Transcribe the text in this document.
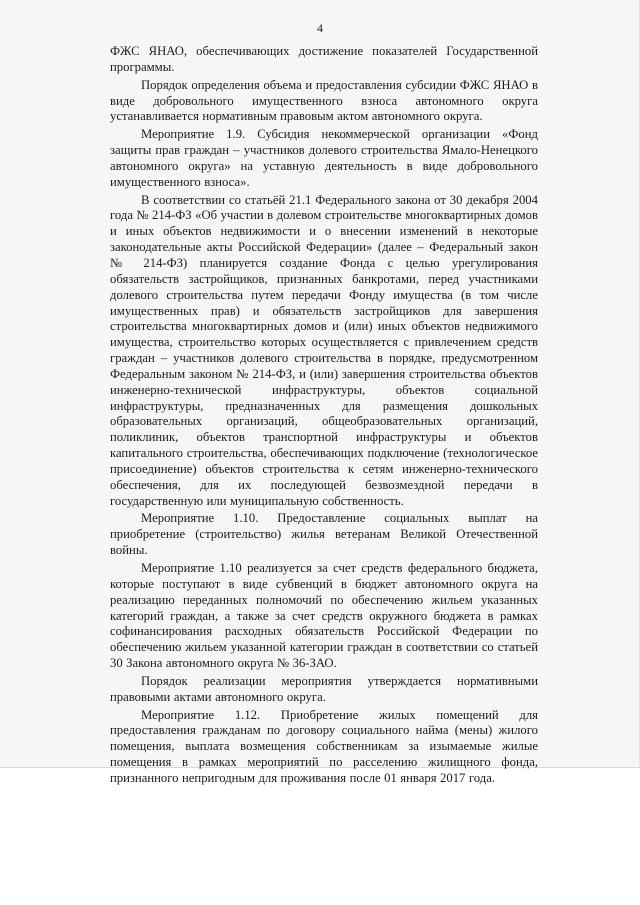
4

ФЖС ЯНАО, обеспечивающих достижение показателей Государственной программы.

Порядок определения объема и предоставления субсидии ФЖС ЯНАО в виде добровольного имущественного взноса автономного округа устанавливается нормативным правовым актом автономного округа.

Мероприятие 1.9. Субсидия некоммерческой организации «Фонд защиты прав граждан – участников долевого строительства Ямало-Ненецкого автономного округа» на уставную деятельность в виде добровольного имущественного взноса».

В соответствии со статьёй 21.1 Федерального закона от 30 декабря 2004 года № 214-ФЗ «Об участии в долевом строительстве многоквартирных домов и иных объектов недвижимости и о внесении изменений в некоторые законодательные акты Российской Федерации» (далее – Федеральный закон № 214-ФЗ) планируется создание Фонда с целью урегулирования обязательств застройщиков, признанных банкротами, перед участниками долевого строительства путем передачи Фонду имущества (в том числе имущественных прав) и обязательств застройщиков для завершения строительства многоквартирных домов и (или) иных объектов недвижимого имущества, строительство которых осуществляется с привлечением средств граждан – участников долевого строительства в порядке, предусмотренном Федеральным законом № 214-ФЗ, и (или) завершения строительства объектов инженерно-технической инфраструктуры, объектов социальной инфраструктуры, предназначенных для размещения дошкольных образовательных организаций, общеобразовательных организаций, поликлиник, объектов транспортной инфраструктуры и объектов капитального строительства, обеспечивающих подключение (технологическое присоединение) объектов строительства к сетям инженерно-технического обеспечения, для их последующей безвозмездной передачи в государственную или муниципальную собственность.

Мероприятие 1.10. Предоставление социальных выплат на приобретение (строительство) жилья ветеранам Великой Отечественной войны.

Мероприятие 1.10 реализуется за счет средств федерального бюджета, которые поступают в виде субвенций в бюджет автономного округа на реализацию переданных полномочий по обеспечению жильем указанных категорий граждан, а также за счет средств окружного бюджета в рамках софинансирования расходных обязательств Российской Федерации по обеспечению жильем указанной категории граждан в соответствии со статьей 30 Закона автономного округа № 36-ЗАО.

Порядок реализации мероприятия утверждается нормативными правовыми актами автономного округа.

Мероприятие 1.12. Приобретение жилых помещений для предоставления гражданам по договору социального найма (мены) жилого помещения, выплата возмещения собственникам за изымаемые жилые помещения в рамках мероприятий по расселению жилищного фонда, признанного непригодным для проживания после 01 января 2017 года.
